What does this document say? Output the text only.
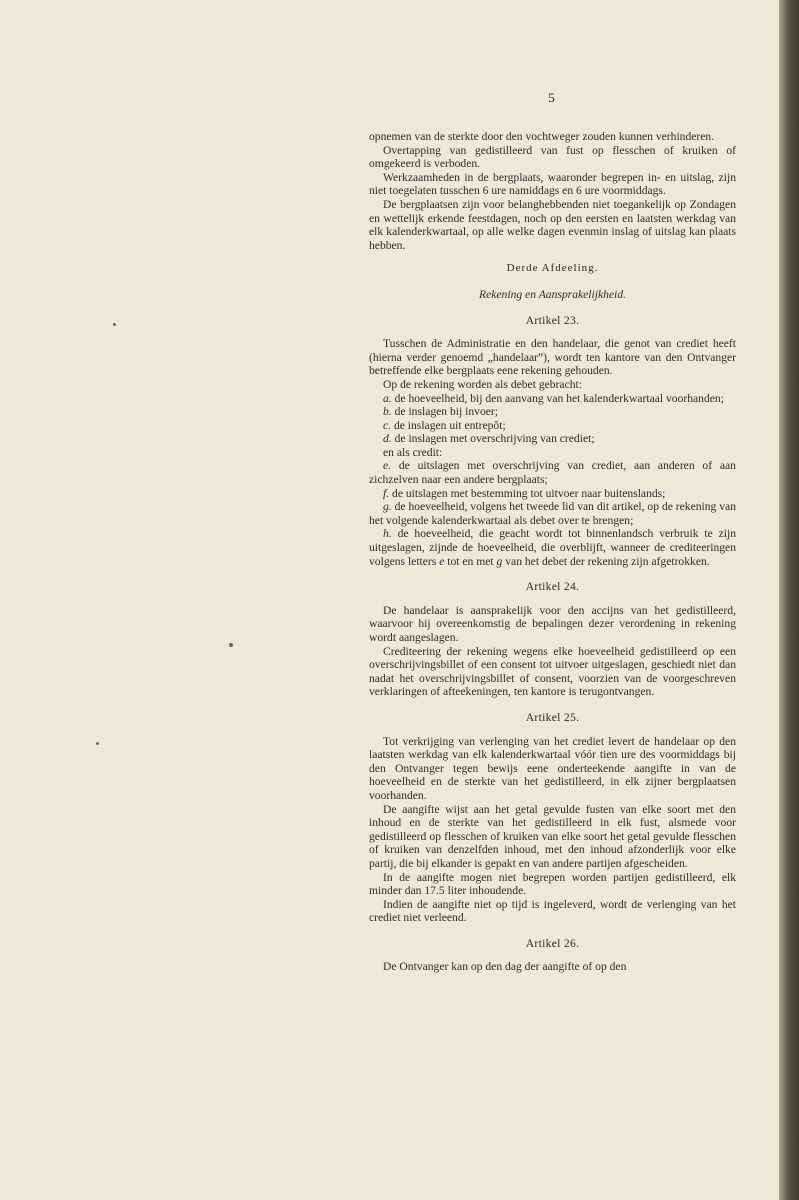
5

opnemen van de sterkte door den vochtweger zouden kunnen verhinderen.

Overtapping van gedistilleerd van fust op flesschen of kruiken of omgekeerd is verboden.

Werkzaamheden in de bergplaats, waaronder begrepen in- en uitslag, zijn niet toegelaten tusschen 6 ure namiddags en 6 ure voormiddags.

De bergplaatsen zijn voor belanghebbenden niet toegankelijk op Zondagen en wettelijk erkende feestdagen, noch op den eersten en laatsten werkdag van elk kalenderkwartaal, op alle welke dagen evenmin inslag of uitslag kan plaats hebben.

Derde Afdeeling.
Rekening en Aansprakelijkheid.
Artikel 23.

Tusschen de Administratie en den handelaar, die genot van crediet heeft (hierna verder genoemd „handelaar”), wordt ten kantore van den Ontvanger betreffende elke bergplaats eene rekening gehouden.

Op de rekening worden als debet gebracht:

a. de hoeveelheid, bij den aanvang van het kalenderkwartaal voorhanden;

b. de inslagen bij invoer;

c. de inslagen uit entrepôt;

d. de inslagen met overschrijving van crediet;

en als credit:

e. de uitslagen met overschrijving van crediet, aan anderen of aan zichzelven naar een andere bergplaats;

f. de uitslagen met bestemming tot uitvoer naar buitenslands;

g. de hoeveelheid, volgens het tweede lid van dit artikel, op de rekening van het volgende kalenderkwartaal als debet over te brengen;

h. de hoeveelheid, die geacht wordt tot binnenlandsch verbruik te zijn uitgeslagen, zijnde de hoeveelheid, die overblijft, wanneer de crediteeringen volgens letters e tot en met g van het debet der rekening zijn afgetrokken.

Artikel 24.

De handelaar is aansprakelijk voor den accijns van het gedistilleerd, waarvoor hij overeenkomstig de bepalingen dezer verordening in rekening wordt aangeslagen.

Crediteering der rekening wegens elke hoeveelheid gedistilleerd op een overschrijvingsbillet of een consent tot uitvoer uitgeslagen, geschiedt niet dan nadat het overschrijvingsbillet of consent, voorzien van de voorgeschreven verklaringen of afteekeningen, ten kantore is terugontvangen.

Artikel 25.

Tot verkrijging van verlenging van het crediet levert de handelaar op den laatsten werkdag van elk kalenderkwartaal vóór tien ure des voormiddags bij den Ontvanger tegen bewijs eene onderteekende aangifte in van de hoeveelheid en de sterkte van het gedistilleerd, in elk zijner bergplaatsen voorhanden.

De aangifte wijst aan het getal gevulde fusten van elke soort met den inhoud en de sterkte van het gedistilleerd in elk fust, alsmede voor gedistilleerd op flesschen of kruiken van elke soort het getal gevulde flesschen of kruiken van denzelfden inhoud, met den inhoud afzonderlijk voor elke partij, die bij elkander is gepakt en van andere partijen afgescheiden.

In de aangifte mogen niet begrepen worden partijen gedistilleerd, elk minder dan 17.5 liter inhoudende.

Indien de aangifte niet op tijd is ingeleverd, wordt de verlenging van het crediet niet verleend.

Artikel 26.

De Ontvanger kan op den dag der aangifte of op den
